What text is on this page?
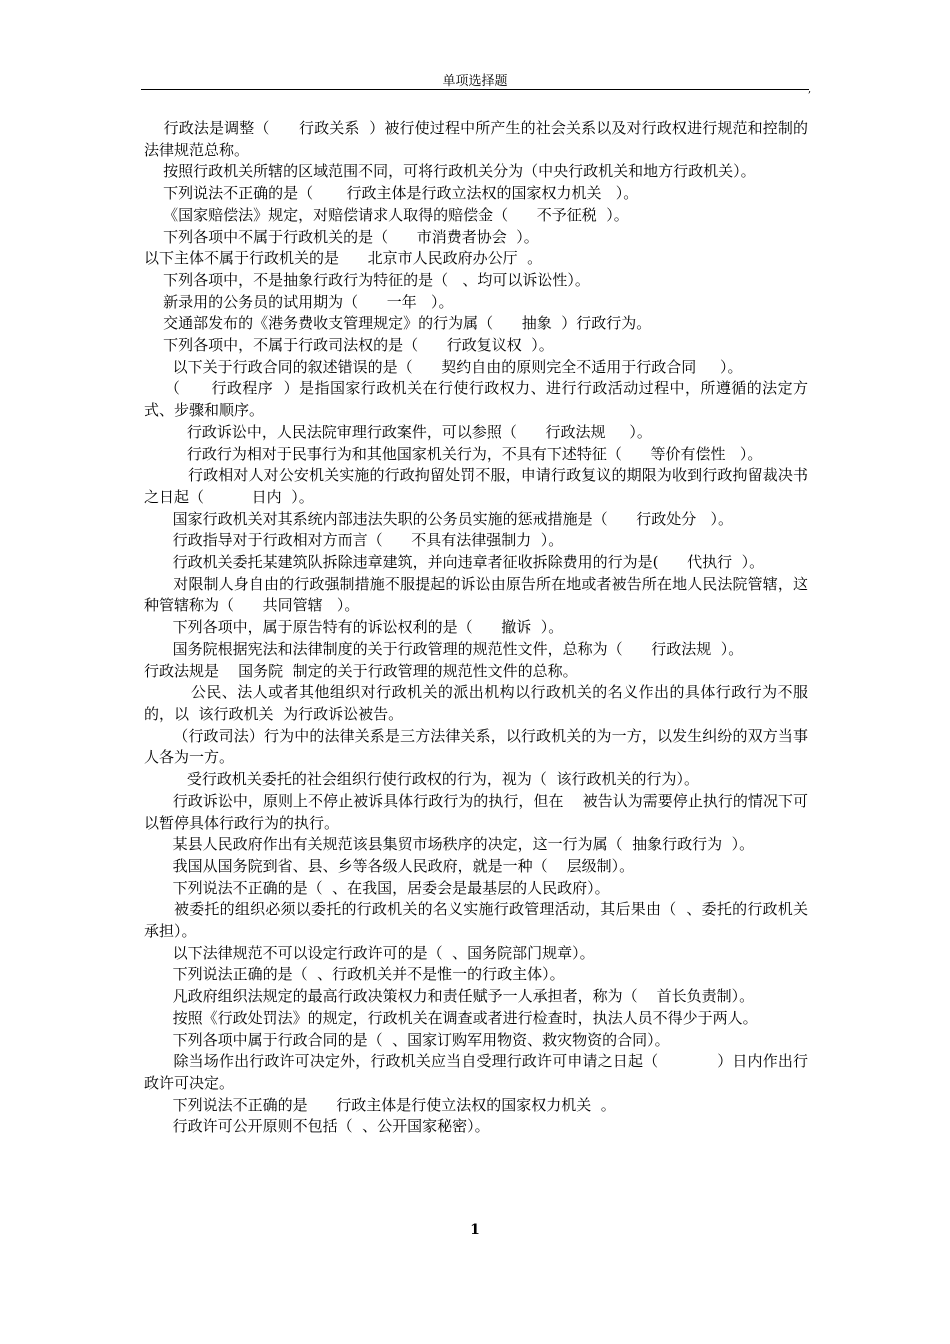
单项选择题
,

行政法是调整（      行政关系  ）被行使过程中所产生的社会关系以及对行政权进行规范和控制的法律规范总称。

按照行政机关所辖的区域范围不同，可将行政机关分为（中央行政机关和地方行政机关）。

下列说法不正确的是（       行政主体是行政立法权的国家权力机关   ）。

《国家赔偿法》规定，对赔偿请求人取得的赔偿金（      不予征税  ）。

下列各项中不属于行政机关的是（      市消费者协会  ）。

以下主体不属于行政机关的是      北京市人民政府办公厅  。

下列各项中，不是抽象行政行为特征的是（   、均可以诉讼性）。

新录用的公务员的试用期为（      一年   ）。

交通部发布的《港务费收支管理规定》的行为属（      抽象  ）行政行为。

下列各项中，不属于行政司法权的是（      行政复议权  ）。

以下关于行政合同的叙述错误的是（      契约自由的原则完全不适用于行政合同     ）。

（      行政程序  ）是指国家行政机关在行使行政权力、进行行政活动过程中，所遵循的法定方式、步骤和顺序。

行政诉讼中，人民法院审理行政案件，可以参照（      行政法规     ）。

行政行为相对于民事行为和其他国家机关行为，不具有下述特征（      等价有偿性   ）。

行政相对人对公安机关实施的行政拘留处罚不服，申请行政复议的期限为收到行政拘留裁决书之日起（          日内  ）。

国家行政机关对其系统内部违法失职的公务员实施的惩戒措施是（      行政处分   ）。

行政指导对于行政相对方而言（      不具有法律强制力  ）。

行政机关委托某建筑队拆除违章建筑，并向违章者征收拆除费用的行为是(      代执行  ）。

对限制人身自由的行政强制措施不服提起的诉讼由原告所在地或者被告所在地人民法院管辖，这种管辖称为（      共同管辖   ）。

下列各项中，属于原告特有的诉讼权利的是（      撤诉  ）。

国务院根据宪法和法律制度的关于行政管理的规范性文件，总称为（      行政法规  ）。

行政法规是    国务院  制定的关于行政管理的规范性文件的总称。

公民、法人或者其他组织对行政机关的派出机构以行政机关的名义作出的具体行政行为不服的，以  该行政机关  为行政诉讼被告。

（行政司法）行为中的法律关系是三方法律关系，以行政机关的为一方，以发生纠纷的双方当事人各为一方。

受行政机关委托的社会组织行使行政权的行为，视为（  该行政机关的行为）。

行政诉讼中，原则上不停止被诉具体行政行为的执行，但在    被告认为需要停止执行的情况下可以暂停具体行政行为的执行。

某县人民政府作出有关规范该县集贸市场秩序的决定，这一行为属（  抽象行政行为  ）。

我国从国务院到省、县、乡等各级人民政府，就是一种（    层级制）。

下列说法不正确的是（  、在我国，居委会是最基层的人民政府）。

被委托的组织必须以委托的行政机关的名义实施行政管理活动，其后果由（  、委托的行政机关承担）。

以下法律规范不可以设定行政许可的是（  、国务院部门规章）。

下列说法正确的是（  、行政机关并不是惟一的行政主体）。

凡政府组织法规定的最高行政决策权力和责任赋予一人承担者，称为（    首长负责制）。

按照《行政处罚法》的规定，行政机关在调查或者进行检查时，执法人员不得少于两人。

下列各项中属于行政合同的是（  、国家订购军用物资、救灾物资的合同）。

除当场作出行政许可决定外，行政机关应当自受理行政许可申请之日起（            ）日内作出行政许可决定。

下列说法不正确的是      行政主体是行使立法权的国家权力机关  。

行政许可公开原则不包括（  、公开国家秘密）。

1
